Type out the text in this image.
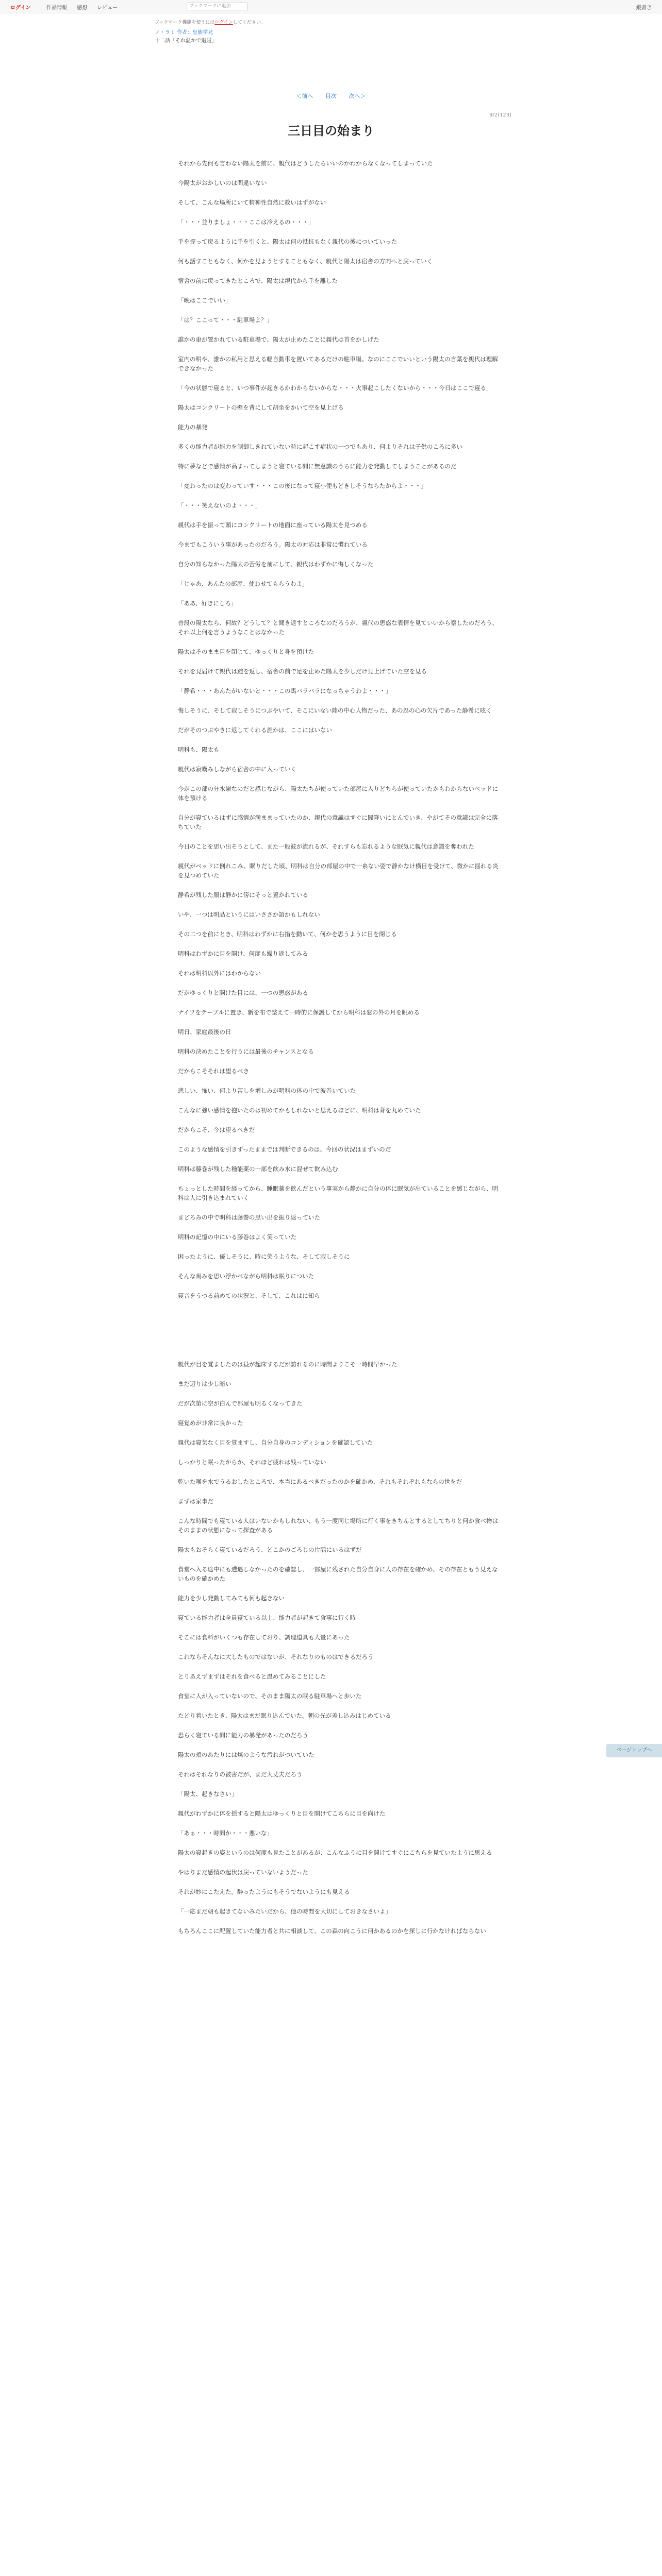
ログイン	作品情報 感想 レビュー	ブックマークに追加	縦書き
ブックマーク機能を使うにはログインしてください。
ノ・ラ１ 作者：皇族学兄
十二話「それ温かで退屈」
＜前へ 目次 次へ＞
9/2(123)
三日目の始まり

それから先何も言わない陽太を前に、親代はどうしたらいいのかわからなくなってしまっていた

今陽太がおかしいのは間違いない

そして、こんな場所にいて精神性自然に救いはずがない

「・・・並りましょ・・・ここは冷えるの・・・」

手を握って戻るように手を引くと、陽太は何の抵抗もなく親代の後についていった

何も話すこともなく、何かを見ようとすることもなく、親代と陽太は宿舎の方向へと戻っていく

宿舎の前に戻ってきたところで、陽太は親代から手を離した

「晩はここでいい」

「は？ここって・・・駐車場よ？」

誰かの車が置かれている駐車場で、陽太が止めたことに親代は首をかしげた

室内の明や、誰かの私用と思える軽自動車を置いてあるだけの駐車場。なのにここでいいという陽太の言葉を親代は理解できなかった

「今の状態で寝ると、いつ事件が起きるかわからないからな・・・火事起こしたくないから・・・今日はここで寝る」

陽太はコンクリートの壁を背にして胡坐をかいて空を見上げる

能力の暴発

多くの能力者が能力を制御しきれていない時に起こす症状の一つでもあり、何よりそれは子供のころに多い

特に夢などで感情が高まってしまうと寝ている間に無意識のうちに能力を発動してしまうことがあるのだ

「変わったのは変わっていす・・・この後になって寝小便もどきしそうならたからよ・・・」

「・・・笑えないのよ・・・」

親代は手を振って頭にコンクリートの地面に座っている陽太を見つめる

今までもこういう事があったのだろう。陽太の対応は非常に慣れている

自分の知らなかった陽太の苦労を前にして、親代はわずかに悔しくなった

「じゃあ、あんたの部屋、使わせてもらうわよ」

「ああ、好きにしろ」

普段の陽太なら、何故？どうして？と聞き返すところなのだろうが、親代の思惑な表情を見ていいから察したのだろう、それ以上何を言うようなことはなかった

陽太はそのまま目を閉じて、ゆっくりと身を預けた

それを見届けて親代は踵を返し、宿舎の前で足を止めた陽太を少しだけ見上げていた空を見る

「静希・・・あんたがいないと・・・この馬バラバラになっちゃうわよ・・・」

悔しそうに、そして寂しそうにつぶやいて、そこにいない陸の中心人物だった、あの忍の心の欠片であった静希に呟く

だがそのつぶやきに返してくれる誰かは、ここにはいない

明科も、陽太も

親代は寂嘆みしながら宿舎の中に入っていく

今がこの部の分水嶺なのだと感じながら、陽太たちが使っていた部屋に入りどちらが使っていたかもわからないベッドに体を預ける

自分が寝ているはずに感情が満ままっていたのか、親代の意識はすぐに闇降いにとんでいき、やがてその意識は完全に落ちていた

今日のことを思い出そうとして、また一般波が流れるが、それすらも忘れるような眠気に親代は意識を奪われた

親代がベッドに倒れこみ、眠りだした頃、明科は自分の部屋の中で一糸ない姿で静かなけ横目を受けて、微かに揺れる炎を見つめていた

静希が残した服は静かに傍にそっと置かれている

いや、一つは明品というにはいささか語かもしれない

その二つを前にとき、明科はわずかに右指を動いて、何かを思うように目を閉じる

明科はわずかに目を開け、何度も繰り返してみる

それは明科以外にはわからない

だがゆっくりと開けた目には、一つの思惑がある

ナイフをテーブルに置き、新を布で整えて一時的に保護してから明科は窓の外の月を眺める

明日、家庭最後の日

明科の決めたことを行うには最後のチャンスとなる

だからこそそれは望るべき

悲しい、怖い、何より苦しを増しみが明科の体の中で波巻いていた

こんなに強い感情を抱いたのは初めてかもしれないと思えるほどに、明科は背を丸めていた

だからこそ、今は望るべきだ

このような感情を引きずったままでは判断できるのは、今回の状況はまずいのだ

明科は藤巻が残した種能薬の一部を飲み水に混ぜて飲み込む

ちょっとした時間を経ってから、睡眠薬を飲んだという事実から静かに自分の体に眠気が出ていることを感じながら、明科は人に引き込まれていく

まどろみの中で明科は藤巻の思い出を振り返っていた

明科の記憶の中にいる藤巻はよく笑っていた

困ったように、優しそうに、時に笑うような、そして寂しそうに

そんな馬みを思い浮かべながら明科は眠りについた

寝音をうつる前めての状況と、そして、これはに知ら

親代が目を覚ましたのは昼が起床するだが訪れるのに時間よりこそ一時間早かった

まだ辺りは少し暗い

だが次第に空が白んで部屋も明るくなってきた

寝覚めが非常に良かった

親代は寝気なく目を覚ますし、自分自身のコンディションを確認していた

しっかりと眠ったからか、それほど疲れは残っていない

乾いた喉を水でうるおしたところで、本当にあるべきだったのかを確かめ、それもそれぞれもならの世をだ

まずは家事だ

こんな時間でも寝ている人はいないかもしれない、もう一度同じ場所に行く事をきちんとするとしてちりと何か食べ物はそのままの状態になって探査がある

陽太もおそらく寝ているだろう、どこかのごろじの片隅にいるはずだ

食堂へ入る途中にも遭遇しなかったのを確認し、一部屋に残された自分自身に人の存在を確かめ、その存在ともう見えないものを確かめた

能力を少し発動してみても何も起きない

寝ている能力者は全員寝ている以上、能力者が起きて食事に行く時

そこには食料がいくつも存在しており、調理道具も大量にあった

これならそんなに大したものではないが、それなりのものはできるだろう

とりあえずまずはそれを食べると温めてみることにした

食堂に人が入っていないので、そのまま陽太の眠る駐車場へと歩いた

たどり着いたとき、陽太はまだ眠り込んでいた。朝の光が差し込みはじめている

恐らく寝ている間に能力の暴発があったのだろう

陽太の頬のあたりには煤のような汚れがついていた

それはそれなりの被害だが、まだ大丈夫だろう

「陽太、起きなさい」

親代がわずかに体を揺すると陽太はゆっくりと目を開けてこちらに目を向けた

「あぁ・・・時間か・・・悪いな」

陽太の寝起きの姿というのは何度も見たことがあるが、こんなふうに目を開けてすぐにこちらを見ていたように思える

やはりまだ感情の起伏は戻っていないようだった

それが妙にこたえた。酔ったようにもそうでないようにも見える

「一応まだ朝も起きてないみたいだから、他の時間を大切にしておきなさいよ」

もちろんここに配置していた能力者と共に相談して、この森の向こうに何かあるのかを探しに行かなければならない

ページトップへ
